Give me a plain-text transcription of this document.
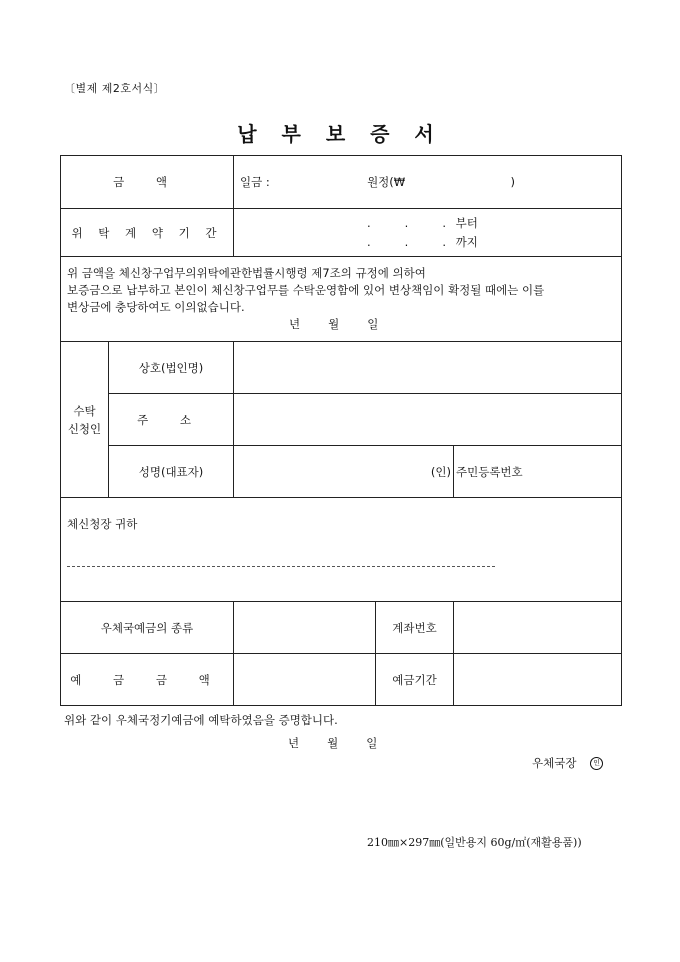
〔별제 제2호서식〕
납 부 보 증 서
금 액		일금 : 원정(₩ )			
위 탁 계 약 기 간		. . . 부터
. . . 까지			

위 금액을 체신창구업무의위탁에관한법률시행령 제7조의 규정에 의하여
보증금으로 납부하고 본인이 체신창구업무를 수탁운영함에 있어 변상책임이 확정될 때에는 이를
변상금에 충당하여도 이의없습니다.
년 월 일					

수탁
신청인	상호(법인명)				
	주 소				
	성명(대표자)	(인)		주민등록번호	

체신청장 귀하					

우체국예금의 종류			계좌번호		
예 금 금 액			예금기간		
위와 같이 우체국정기예금에 예탁하였음을 증명합니다.
년 월 일
우체국장 인
210㎜×297㎜(일반용지 60g/㎡(재활용품))
